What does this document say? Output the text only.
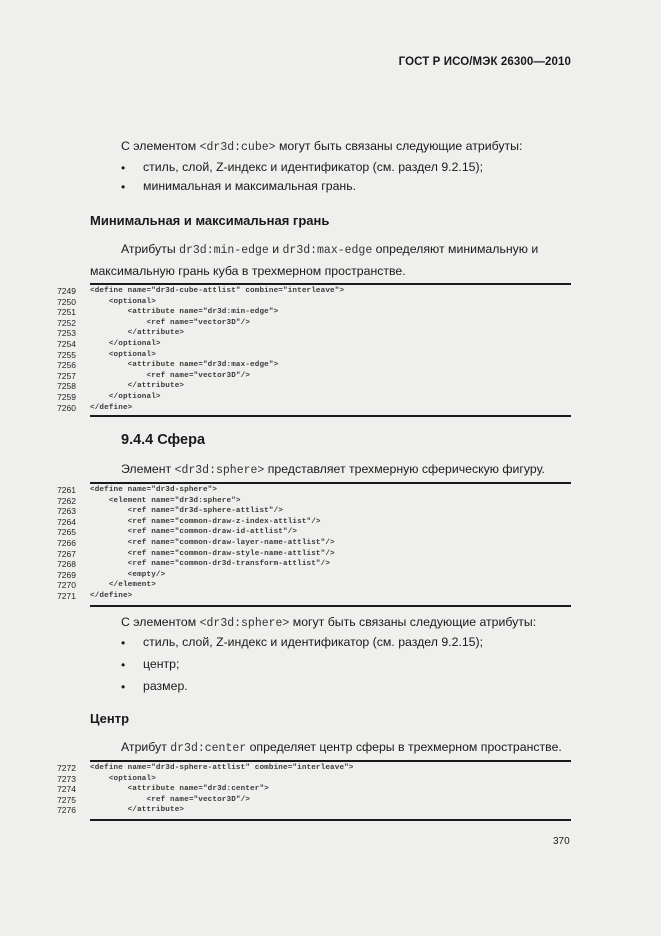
ГОСТ Р ИСО/МЭК 26300—2010
С элементом <dr3d:cube> могут быть связаны следующие атрибуты:
• стиль, слой, Z-индекс и идентификатор (см. раздел 9.2.15);
• минимальная и максимальная грань.
Минимальная и максимальная грань
Атрибуты dr3d:min-edge и dr3d:max-edge определяют минимальную и
максимальную грань куба в трехмерном пространстве.
7249 <define name="dr3d-cube-attlist" combine="interleave">
7250 <optional>
7251 <attribute name="dr3d:min-edge">
7252 <ref name="vector3D"/>
7253 </attribute>
7254 </optional>
7255 <optional>
7256 <attribute name="dr3d:max-edge">
7257 <ref name="vector3D"/>
7258 </attribute>
7259 </optional>
7260 </define>
9.4.4 Сфера
Элемент <dr3d:sphere> представляет трехмерную сферическую фигуру.
7261 <define name="dr3d-sphere">
7262 <element name="dr3d:sphere">
7263 <ref name="dr3d-sphere-attlist"/>
7264 <ref name="common-draw-z-index-attlist"/>
7265 <ref name="common-draw-id-attlist"/>
7266 <ref name="common-draw-layer-name-attlist"/>
7267 <ref name="common-draw-style-name-attlist"/>
7268 <ref name="common-dr3d-transform-attlist"/>
7269 <empty/>
7270 </element>
7271 </define>
С элементом <dr3d:sphere> могут быть связаны следующие атрибуты:
• стиль, слой, Z-индекс и идентификатор (см. раздел 9.2.15);
• центр;
• размер.
Центр
Атрибут dr3d:center определяет центр сферы в трехмерном пространстве.
7272 <define name="dr3d-sphere-attlist" combine="interleave">
7273 <optional>
7274 <attribute name="dr3d:center">
7275 <ref name="vector3D"/>
7276 </attribute>
370
